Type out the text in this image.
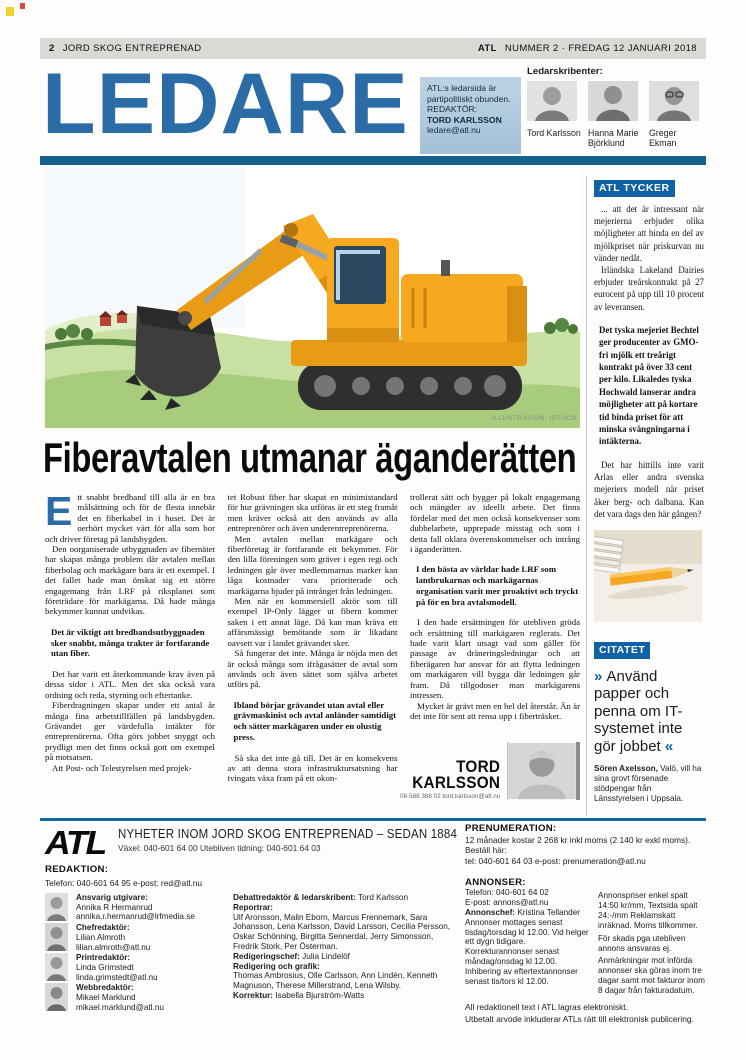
2 JORD SKOG ENTREPRENAD	ATL NUMMER 2 · FREDAG 12 JANUARI 2018
LEDARE ATL:s ledarsida är partipolitiskt obunden.
REDAKTÖR:
TORD KARLSSON
ledare@atl.nu
Ledarskribenter:
Tord Karlsson Hanna Marie Björklund
Greger Ekman
ILLUSTRATION: ISTOCK
ATL TYCKER

... att det är intressant när mejerierna erbjuder olika möjligheter att binda en del av mjölkpriset när priskurvan nu vänder nedåt.

Irländska Lakeland Dairies erbjuder treårskontrakt på 27 eurocent på upp till 10 procent av leveransen.

Det tyska mejeriet Bechtel ger producenter av GMO-fri mjölk ett treårigt kontrakt på över 33 cent per kilo. Likaledes tyska Hochwald lanserar andra möjligheter att på kortare tid binda priset för att minska svängningarna i intäkterna.

Det har hittills inte varit Arlas eller andra svenska mejeriers modell när priset åker berg- och dalbana. Kan det vara dags den här gången?

CITATET
» Använd papper och penna om IT-systemet inte gör jobbet «
Sören Axelsson, Valö, vill ha sina grovt försenade stödpengar från Länsstyrelsen i Uppsala.
Fiberavtalen utmanar äganderätten

Ett snabbt bredband till alla är en bra målsättning och för de flesta innebär det en fiberkabel in i huset. Det är oerhört mycket värt för alla som bor och driver företag på landsbygden.

Den oorganiserade utbyggnaden av fibernätet har skapat många problem där avtalen mellan fiberbolag och markägare bara är ett exempel. I det fallet hade man önskat sig ett större engagemang från LRF på riksplanet som företrädare för markägarna. Då hade många bekymmer kunnat undvikas.

Det är viktigt att bredbandsutbyggnaden sker snabbt, många trakter är fortfarande utan fiber.

Det har varit ett återkommande krav även på dessa sidor i ATL. Men det ska också vara ordning och reda, styrning och eftertanke.

Fiberdragningen skapar under ett antal år många fina arbetstillfällen på landsbygden. Grävandet ger värdefulla intäkter för entreprenörerna. Ofta görs jobbet snyggt och prydligt men det finns också gott om exempel på motsatsen.

Att Post- och Telestyrelsen med projek-

tet Robust fiber har skapat en minimistandard för hur grävningen ska utföras är ett steg framåt men kräver också att den används av alla entreprenörer och även underentreprenörerna.

Men avtalen mellan markägare och fiberföretag är fortfarande ett bekymmer. För den lilla föreningen som gräver i egen regi och ledningen går över medlemmarnas marker kan låga kostnader vara prioriterade och markägarna bjuder på intrånget från ledningen.

Men när en kommersiell aktör som till exempel IP-Only lägger ut fibern kommer saken i ett annat läge. Då kan man kräva ett affärsmässigt bemötande som är likadant oavsett var i landet grävandet sker.

Så fungerar det inte. Många är nöjda men det är också många som ifrågasätter de avtal som används och även sättet som själva arbetet utförs på.

Ibland börjar grävandet utan avtal eller grävmaskinist och avtal anländer samtidigt och sätter markägaren under en olustig press.

Så ska det inte gå till. Det är en konsekvens av att denna stora infrastruktursatsning har tvingats växa fram på ett okon-

trollerat sätt och bygger på lokalt engagemang och mängder av ideellt arbete. Det finns fördelar med det men också konsekvenser som dubbelarbete, upprepade misstag och som i detta fall oklara överenskommelser och intrång i äganderätten.

I den bästa av världar hade LRF som lantbrukarnas och markägarnas organisation varit mer proaktivt och tryckt på för en bra avtalsmodell.

I den hade ersättningen för utebliven gröda och ersättning till markägaren reglerats. Det hade varit klart utsagt vad som gäller för passage av dräneringsledningar och att fiberägaren har ansvar för att flytta ledningen om markägaren vill bygga där ledningen går fram. Då tillgodoser man markägarens intressen.

Mycket är grävt men en hel del återstår. Än är det inte för sent att rensa upp i fiberträsket.

TORD KARLSSON
08-588 368 02 tord.karlsson@atl.nu
ATL NYHETER INOM JORD SKOG ENTREPRENAD – SEDAN 1884
Växel: 040-601 64 00 Utebliven tidning: 040-601 64 03
REDAKTION:
Telefon: 040-601 64 95 e-post: red@atl.nu
Ansvarig utgivare:
Annika R Hermanrud
annika.r.hermanrud@lrfmedia.se
Chefredaktör:
Lilian Almroth
lilian.almroth@atl.nu
Printredaktör:
Linda Grimstedt
linda.grimstedt@atl.nu
Webbredaktör:
Mikael Marklund
mikael.marklund@atl.nu
Debattredaktör & ledarskribent: Tord Karlsson
Reportrar:
Ulf Aronsson, Malin Eborn, Marcus Frennemark, Sara Johansson, Lena Karlsson, David Larsson, Cecilia Persson, Oskar Schönning, Birgitta Sennerdal, Jerry Simonsson, Fredrik Stork, Per Österman.
Redigeringschef: Julia Lindelöf
Redigering och grafik:
Thomas Ambrosius, Olle Carlsson, Ann Lindén, Kenneth Magnuson, Therese Millerstrand, Lena Wilsby.
Korrektur: Isabella Bjurström-Watts
PRENUMERATION:
12 månader kostar 2 268 kr inkl moms (2 140 kr exkl moms).
Beställ här:
tel: 040-601 64 03 e-post: prenumeration@atl.nu
ANNONSER:
Telefon: 040-601 64 02
E-post: annons@atl.nu
Annonschef: Kristina Tellander
Annonser mottages senast tisdag/torsdag kl 12.00. Vid helger ett dygn tidigare.
Korrekturannonser senast måndag/onsdag kl 12.00.
Inhibering av eftertextannonser senast tis/tors kl 12.00.

Annonspriser enkel spalt 14:50 kr/mm, Textsida spalt 24:-/mm Reklamskatt inräknad. Moms tillkommer.

För skada pga utebliven annons ansvaras ej.

Anmärkningar mot införda annonser ska göras inom tre dagar samt mot fakturor inom 8 dagar från fakturadatum.

All redaktionell text i ATL lagras elektroniskt.
Utbetalt arvode inkluderar ATLs rätt till elektronisk publicering.
